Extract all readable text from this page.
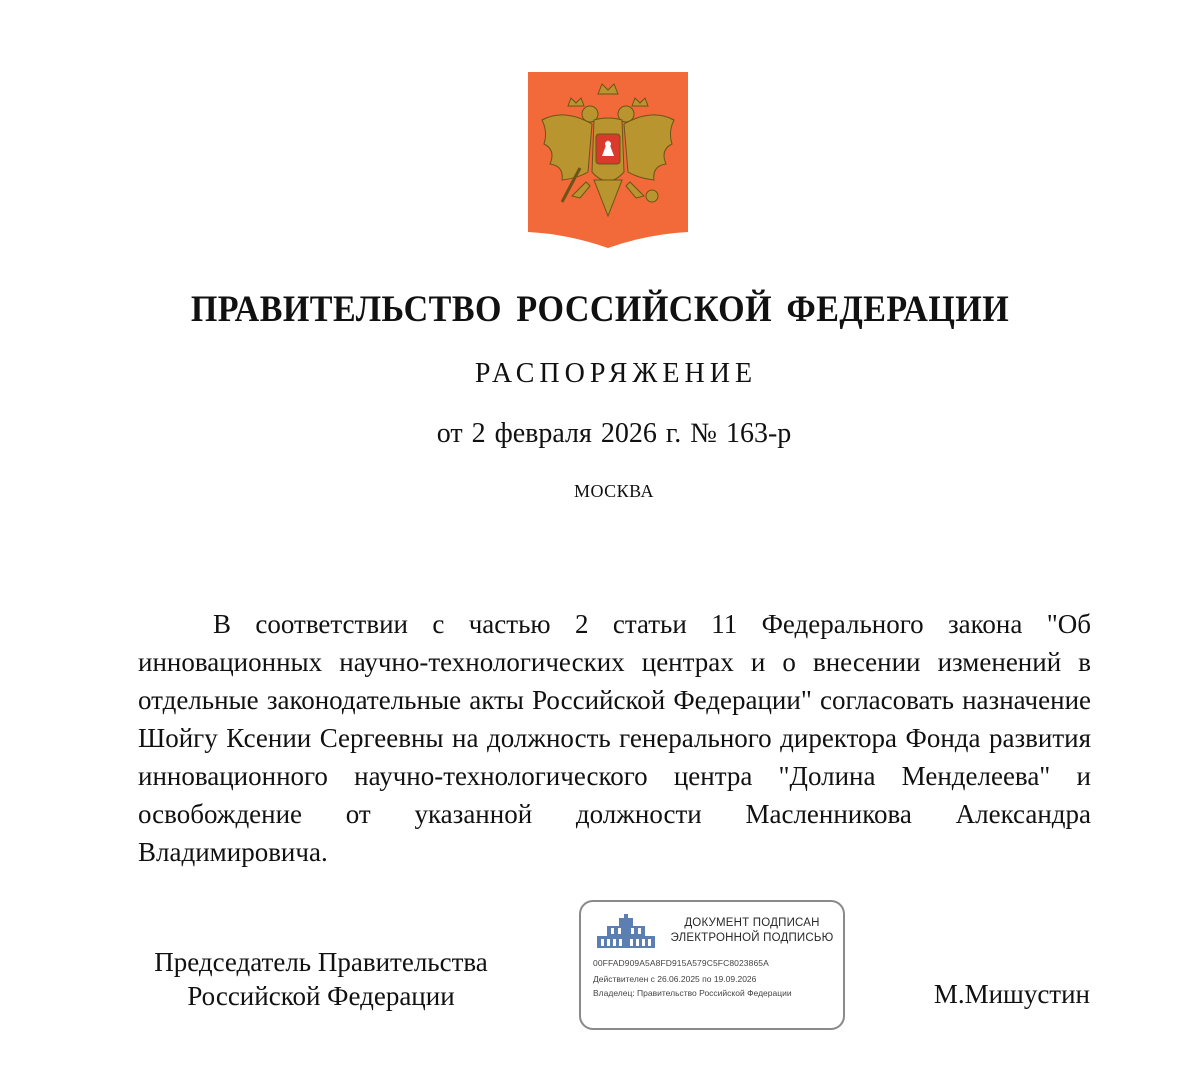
ПРАВИТЕЛЬСТВО РОССИЙСКОЙ ФЕДЕРАЦИИ
РАСПОРЯЖЕНИЕ
от 2 февраля 2026 г. № 163-р
МОСКВА
В соответствии с частью 2 статьи 11 Федерального закона "Об инновационных научно-технологических центрах и о внесении изменений в отдельные законодательные акты Российской Федерации" согласовать назначение Шойгу Ксении Сергеевны на должность генерального директора Фонда развития инновационного научно-технологического центра "Долина Менделеева" и освобождение от указанной должности Масленникова Александра Владимировича.
Председатель Правительства
Российской Федерации
ДОКУМЕНТ ПОДПИСАН
ЭЛЕКТРОННОЙ ПОДПИСЬЮ
00FFAD909A5A8FD915A579C5FC8023865A
Действителен с 26.06.2025 по 19.09.2026
Владелец: Правительство Российской Федерации	М.Мишустин
